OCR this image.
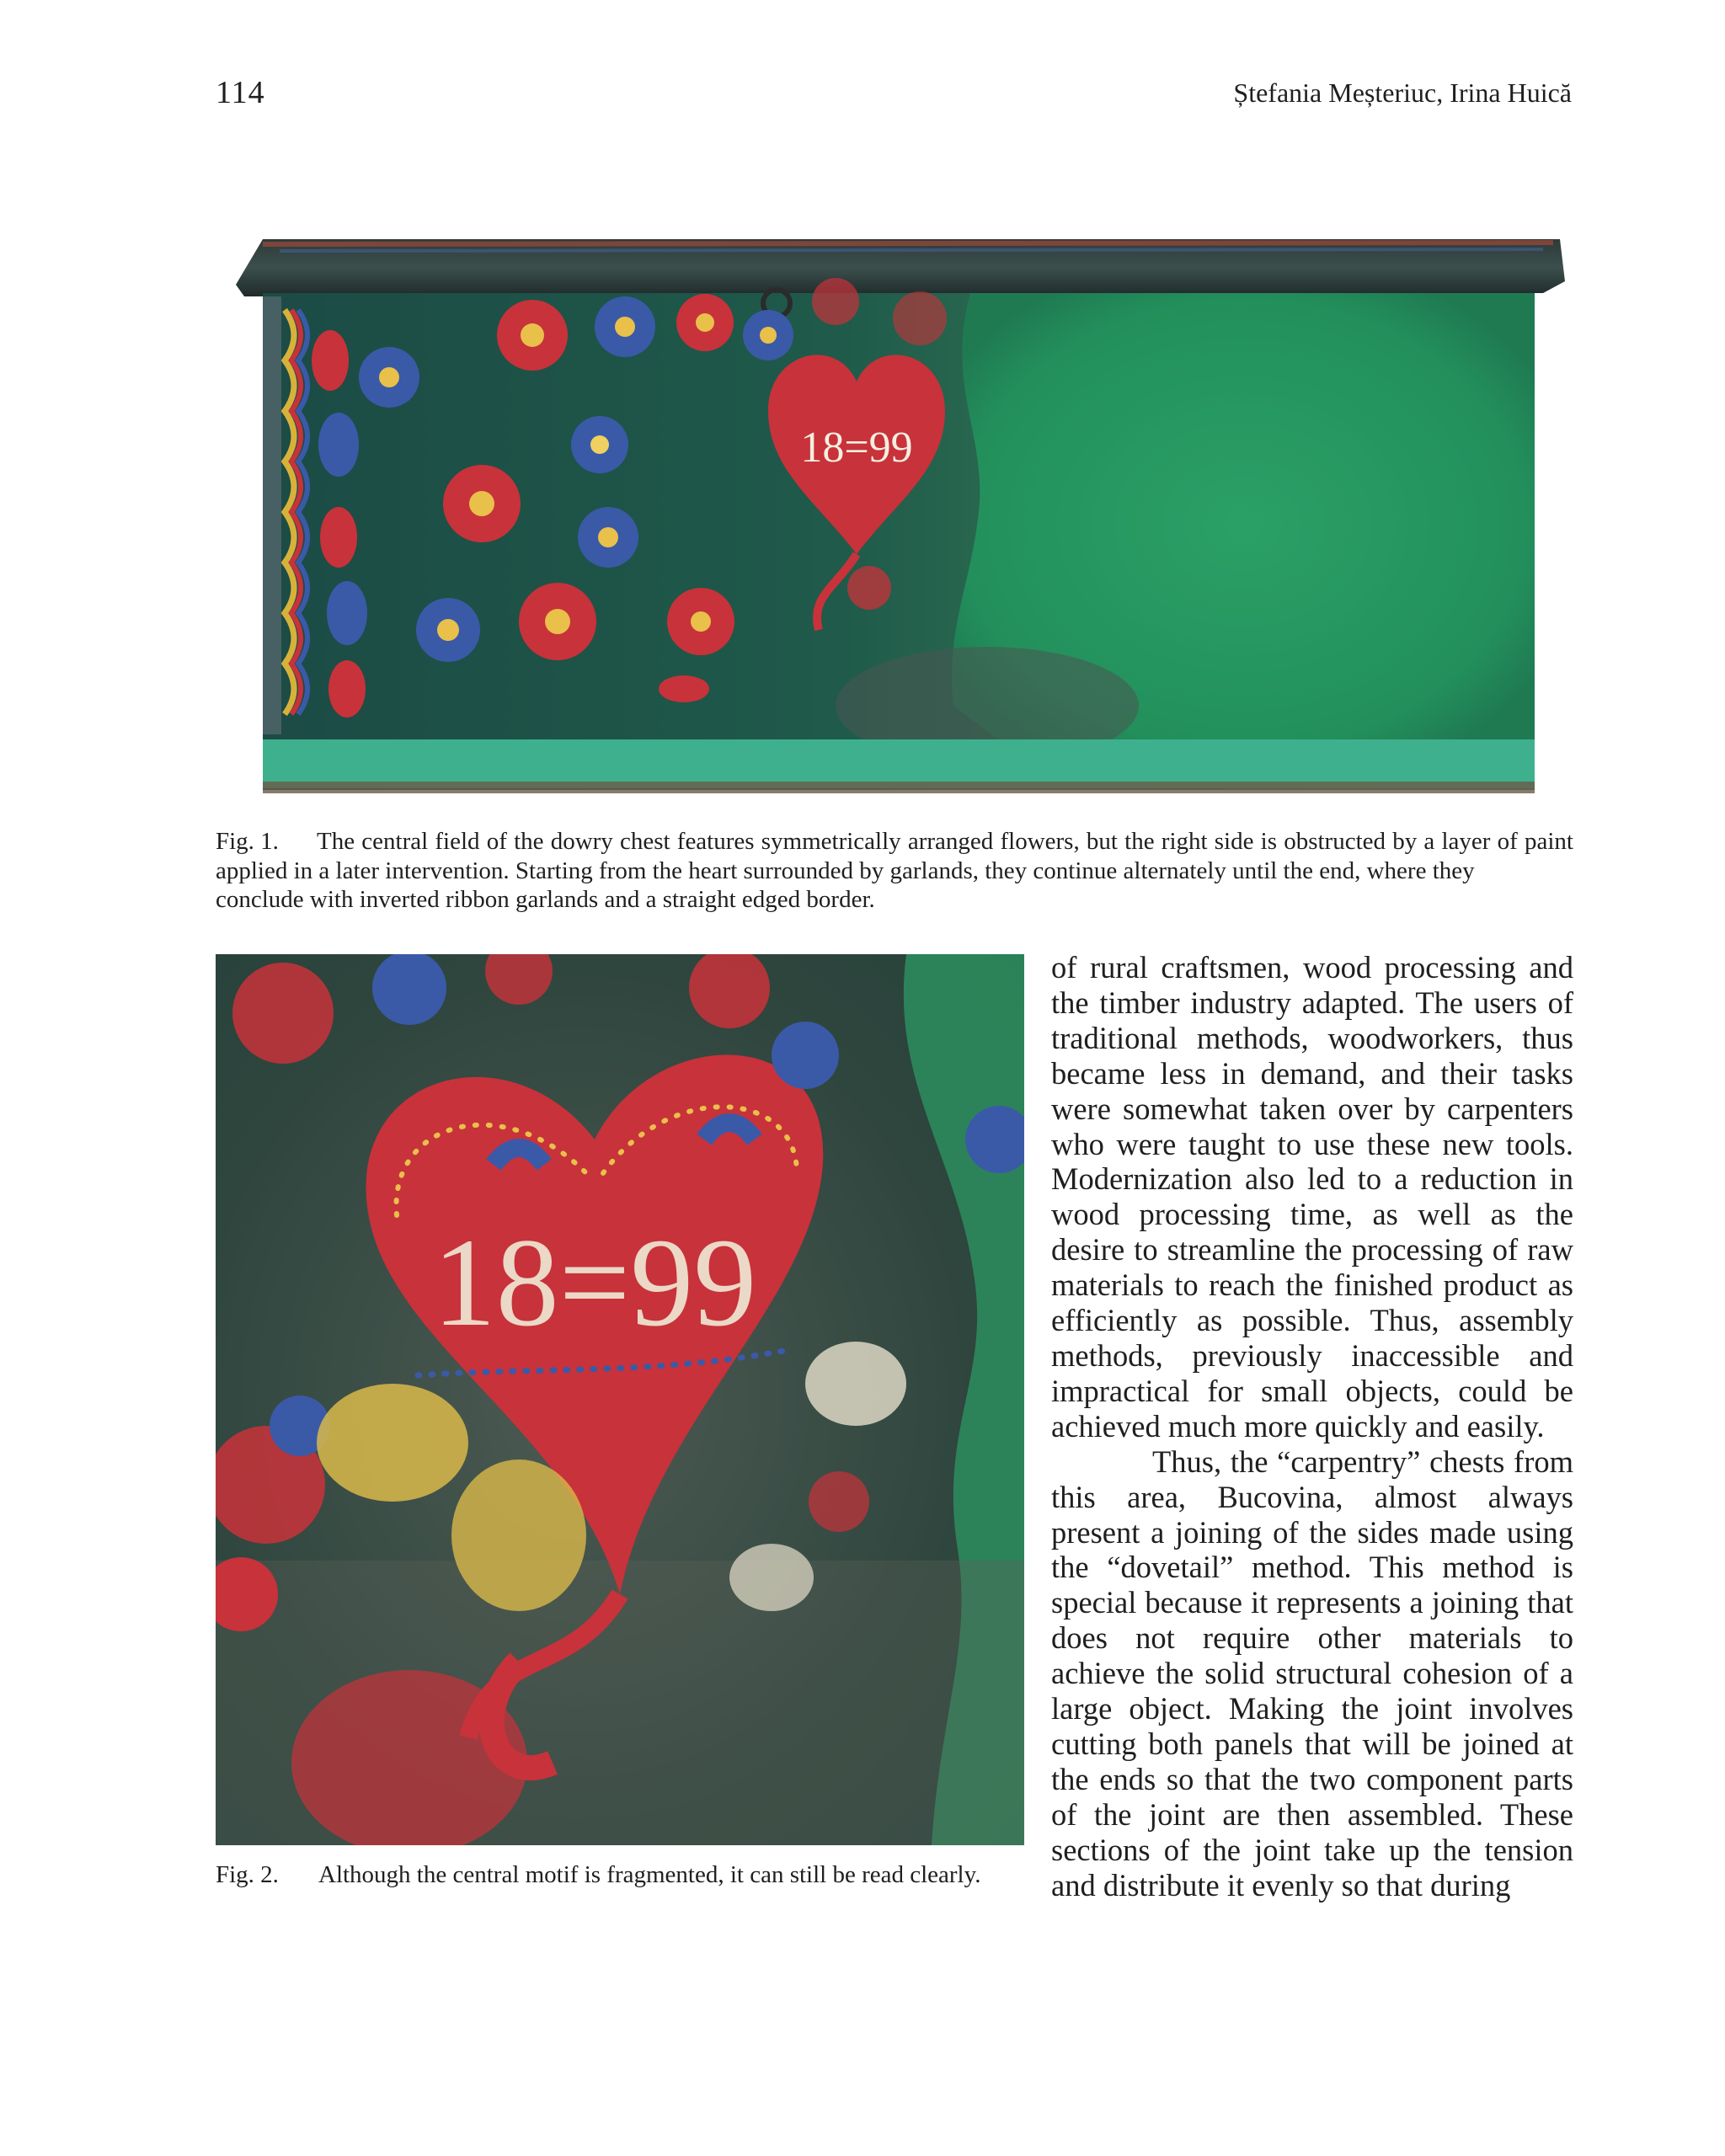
114	Ștefania Meșteriuc, Irina Huică
18=99

Fig. 1. The central field of the dowry chest features symmetrically arranged flowers, but the right side is obstructed by a layer of paint applied in a later intervention. Starting from the heart surrounded by garlands, they continue alternately until the end, where they
conclude with inverted ribbon garlands and a straight edged border.

18=99

Fig. 2. Although the central motif is fragmented, it can still be read clearly.

of rural craftsmen, wood processing and the timber industry adapted. The users of traditional methods, woodworkers, thus became less in demand, and their tasks were somewhat taken over by carpenters who were taught to use these new tools. Modernization also led to a reduction in wood processing time, as well as the desire to streamline the processing of raw materials to reach the finished product as efficiently as possible. Thus, assembly methods, previously inaccessible and impractical for small objects, could be achieved much more quickly and easily.

Thus, the “carpentry” chests from this area, Bucovina, almost always present a joining of the sides made using the “dovetail” method. This method is special because it represents a joining that does not require other materials to achieve the solid structural cohesion of a large object. Making the joint involves cutting both panels that will be joined at the ends so that the two component parts of the joint are then assembled. These sections of the joint take up the tension and distribute it evenly so that during
